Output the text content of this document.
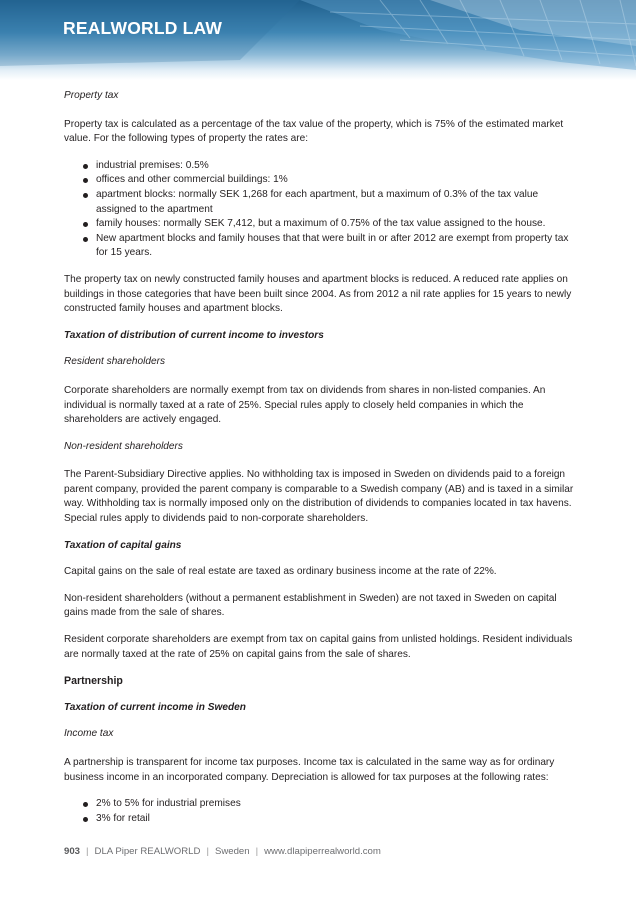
REALWORLD LAW

Property tax

Property tax is calculated as a percentage of the tax value of the property, which is 75% of the estimated market value. For the following types of property the rates are:

industrial premises: 0.5%
offices and other commercial buildings: 1%
apartment blocks: normally SEK 1,268 for each apartment, but a maximum of 0.3% of the tax value assigned to the apartment
family houses: normally SEK 7,412, but a maximum of 0.75% of the tax value assigned to the house.
New apartment blocks and family houses that that were built in or after 2012 are exempt from property tax for 15 years.

The property tax on newly constructed family houses and apartment blocks is reduced. A reduced rate applies on buildings in those categories that have been built since 2004. As from 2012 a nil rate applies for 15 years to newly constructed family houses and apartment blocks.

Taxation of distribution of current income to investors

Resident shareholders

Corporate shareholders are normally exempt from tax on dividends from shares in non-listed companies. An individual is normally taxed at a rate of 25%. Special rules apply to closely held companies in which the shareholders are actively engaged.

Non-resident shareholders

The Parent-Subsidiary Directive applies. No withholding tax is imposed in Sweden on dividends paid to a foreign parent company, provided the parent company is comparable to a Swedish company (AB) and is taxed in a similar way. Withholding tax is normally imposed only on the distribution of dividends to companies located in tax havens. Special rules apply to dividends paid to non-corporate shareholders.

Taxation of capital gains

Capital gains on the sale of real estate are taxed as ordinary business income at the rate of 22%.

Non-resident shareholders (without a permanent establishment in Sweden) are not taxed in Sweden on capital gains made from the sale of shares.

Resident corporate shareholders are exempt from tax on capital gains from unlisted holdings. Resident individuals are normally taxed at the rate of 25% on capital gains from the sale of shares.

Partnership

Taxation of current income in Sweden

Income tax

A partnership is transparent for income tax purposes. Income tax is calculated in the same way as for ordinary business income in an incorporated company. Depreciation is allowed for tax purposes at the following rates:

2% to 5% for industrial premises
3% for retail
903 | DLA Piper REALWORLD | Sweden | www.dlapiperrealworld.com
